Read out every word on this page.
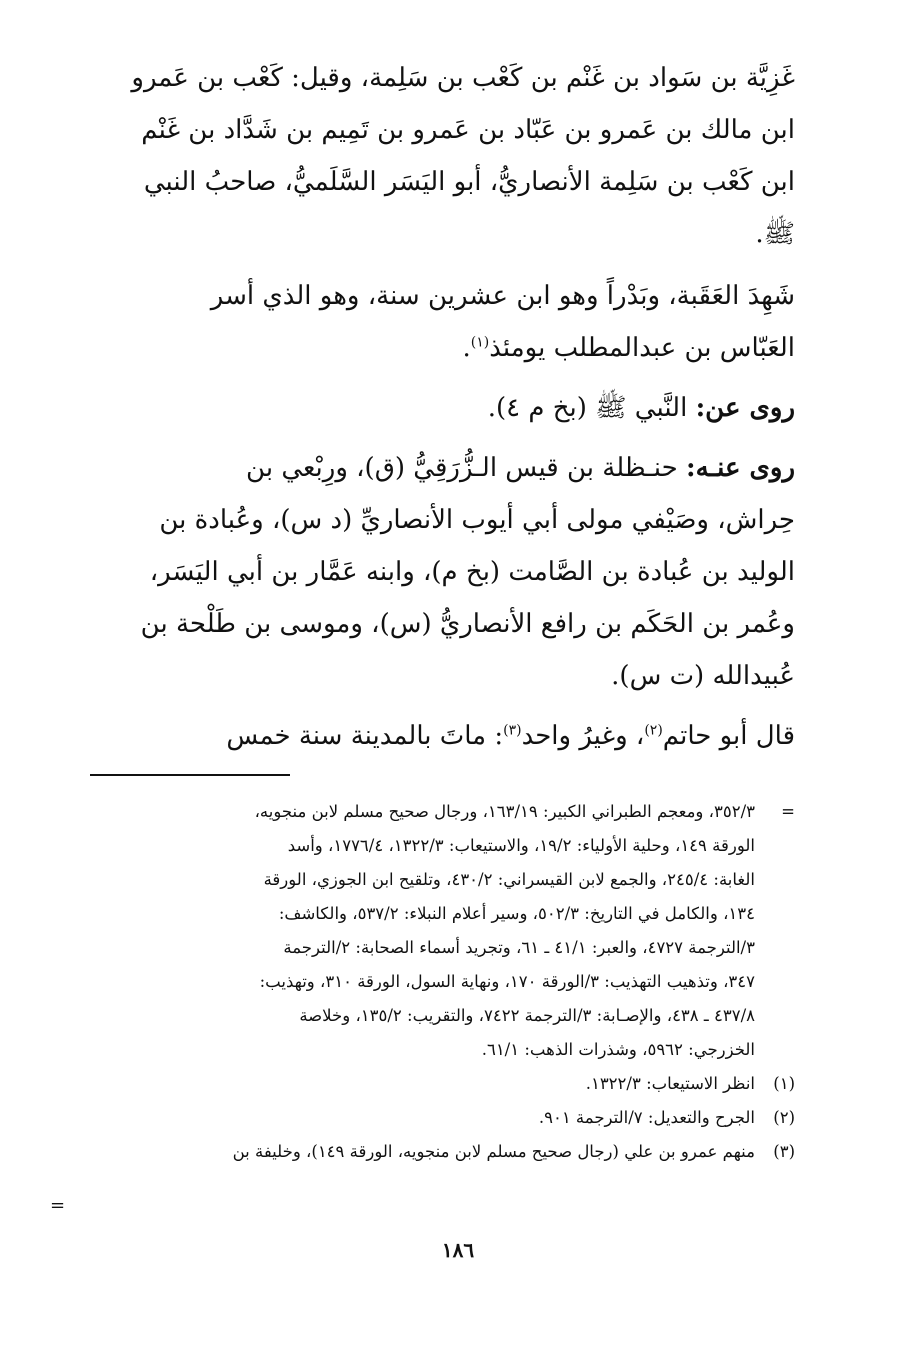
غَزِيَّة بن سَواد بن غَنْم بن كَعْب بن سَلِمة، وقيل: كَعْب بن عَمرو
ابن مالك بن عَمرو بن عَبّاد بن عَمرو بن تَمِيم بن شَدَّاد بن غَنْم
ابن كَعْب بن سَلِمة الأنصاريُّ، أبو اليَسَر السَّلَميُّ، صاحبُ النبي
ﷺ.
شَهِدَ العَقَبة، وبَدْراً وهو ابن عشرين سنة، وهو الذي أسر
العَبّاس بن عبدالمطلب يومئذ$^{(١)}$.
روى عن: النَّبي ﷺ (بخ م ٤).
روى عنـه: حنـظلة بن قيس الـزُّرَقِيُّ (ق)، ورِبْعي بن
حِراش، وصَيْفي مولى أبي أيوب الأنصاريِّ (د س)، وعُبادة بن
الوليد بن عُبادة بن الصَّامت (بخ م)، وابنه عَمَّار بن أبي اليَسَر،
وعُمر بن الحَكَم بن رافع الأنصاريُّ (س)، وموسى بن طَلْحة بن
عُبيدالله (ت س).
قال أبو حاتم$^{(٢)}$، وغيرُ واحد$^{(٣)}$: ماتَ بالمدينة سنة خمس
=
٣٥٢/٣، ومعجم الطبراني الكبير: ١٦٣/١٩، ورجال صحيح مسلم لابن منجويه،
الورقة ١٤٩، وحلية الأولياء: ١٩/٢، والاستيعاب: ١٣٢٢/٣، ١٧٧٦/٤، وأسد
الغابة: ٢٤٥/٤، والجمع لابن القيسراني: ٤٣٠/٢، وتلقيح ابن الجوزي، الورقة
١٣٤، والكامل في التاريخ: ٥٠٢/٣، وسير أعلام النبلاء: ٥٣٧/٢، والكاشف:
٣/الترجمة ٤٧٢٧، والعبر: ٤١/١ ـ ٦١، وتجريد أسماء الصحابة: ٢/الترجمة
٣٤٧، وتذهيب التهذيب: ٣/الورقة ١٧٠، ونهاية السول، الورقة ٣١٠، وتهذيب:
٤٣٧/٨ ـ ٤٣٨، والإصـابة: ٣/الترجمة ٧٤٢٢، والتقريب: ١٣٥/٢، وخلاصة
الخزرجي: ٥٩٦٢، وشذرات الذهب: ٦١/١.
(١)
انظر الاستيعاب: ١٣٢٢/٣.
(٢)
الجرح والتعديل: ٧/الترجمة ٩٠١.
(٣)
منهم عمرو بن علي (رجال صحيح مسلم لابن منجويه، الورقة ١٤٩)، وخليفة بن
=
١٨٦
